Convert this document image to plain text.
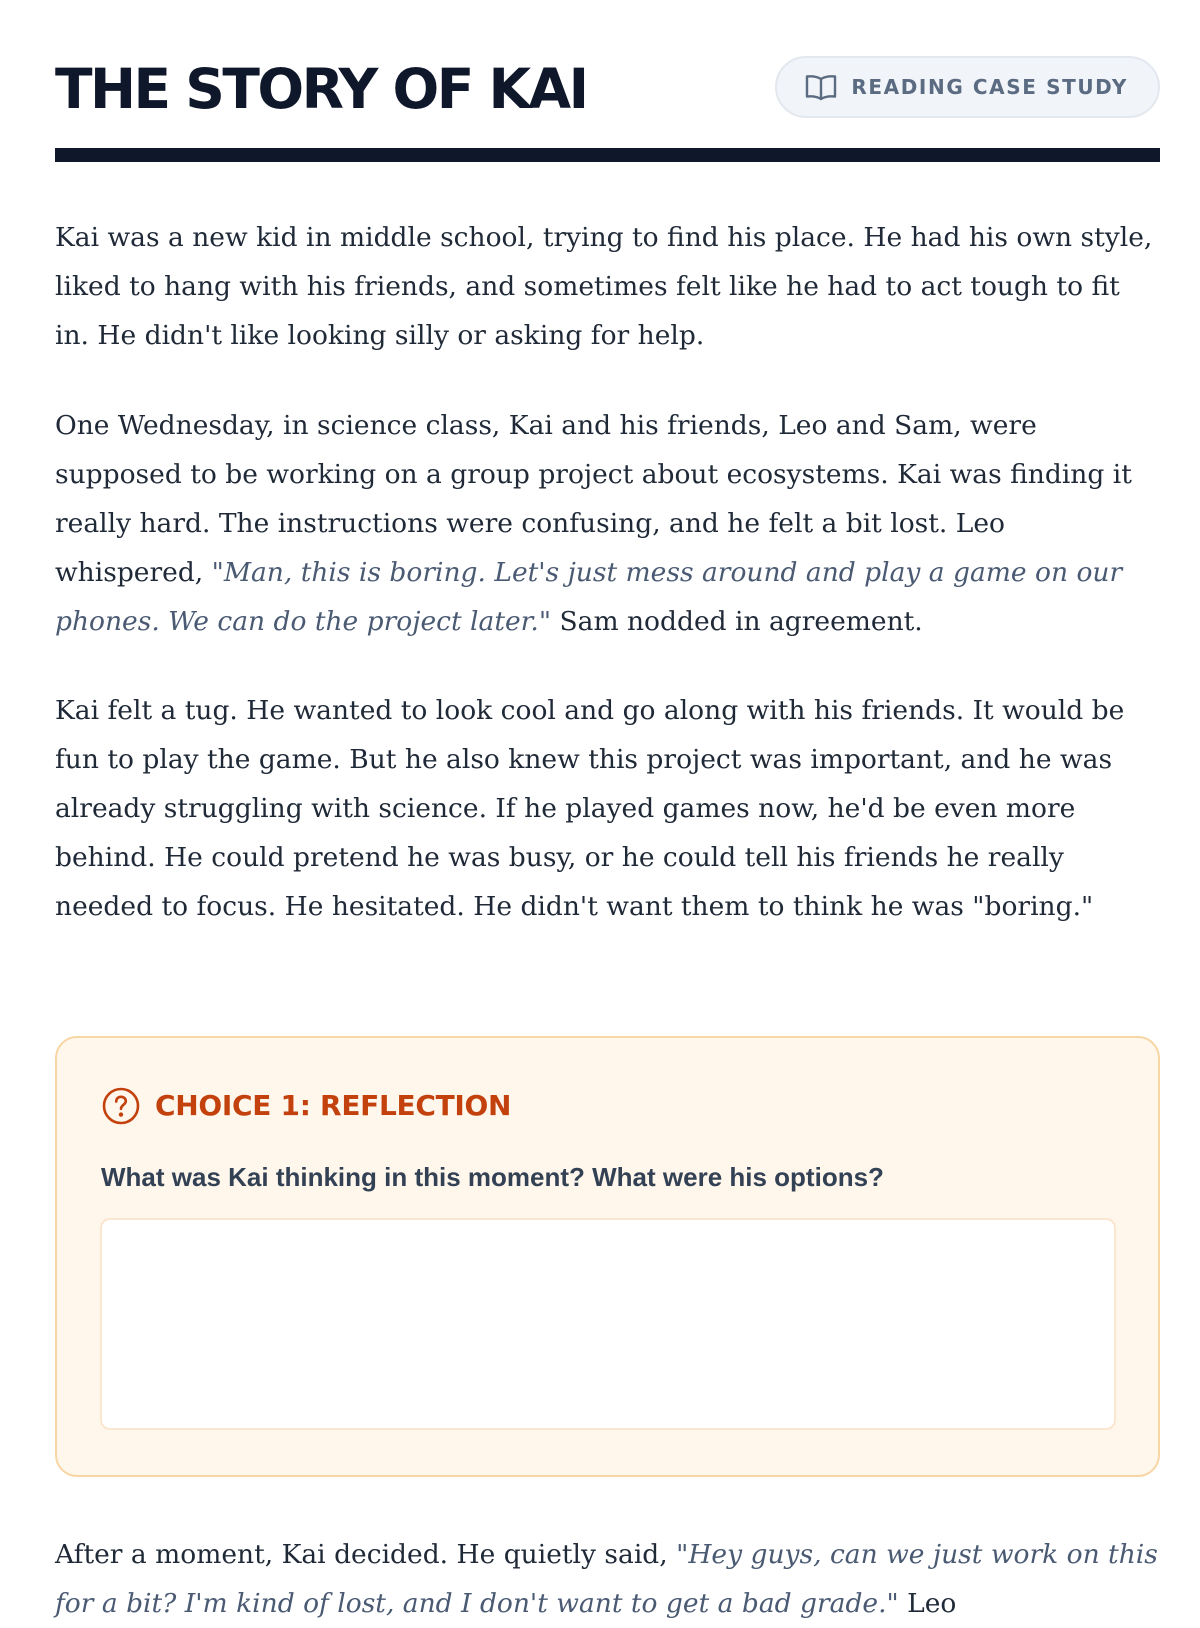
THE STORY OF KAI	READING CASE STUDY

Kai was a new kid in middle school, trying to find his place. He had his own style, liked to hang with his friends, and sometimes felt like he had to act tough to fit in. He didn't like looking silly or asking for help.

One Wednesday, in science class, Kai and his friends, Leo and Sam, were supposed to be working on a group project about ecosystems. Kai was finding it really hard. The instructions were confusing, and he felt a bit lost. Leo whispered, "Man, this is boring. Let's just mess around and play a game on our phones. We can do the project later." Sam nodded in agreement.

Kai felt a tug. He wanted to look cool and go along with his friends. It would be fun to play the game. But he also knew this project was important, and he was already struggling with science. If he played games now, he'd be even more behind. He could pretend he was busy, or he could tell his friends he really needed to focus. He hesitated. He didn't want them to think he was "boring."

CHOICE 1: REFLECTION
What was Kai thinking in this moment? What were his options?

After a moment, Kai decided. He quietly said, "Hey guys, can we just work on this for a bit? I'm kind of lost, and I don't want to get a bad grade." Leo
